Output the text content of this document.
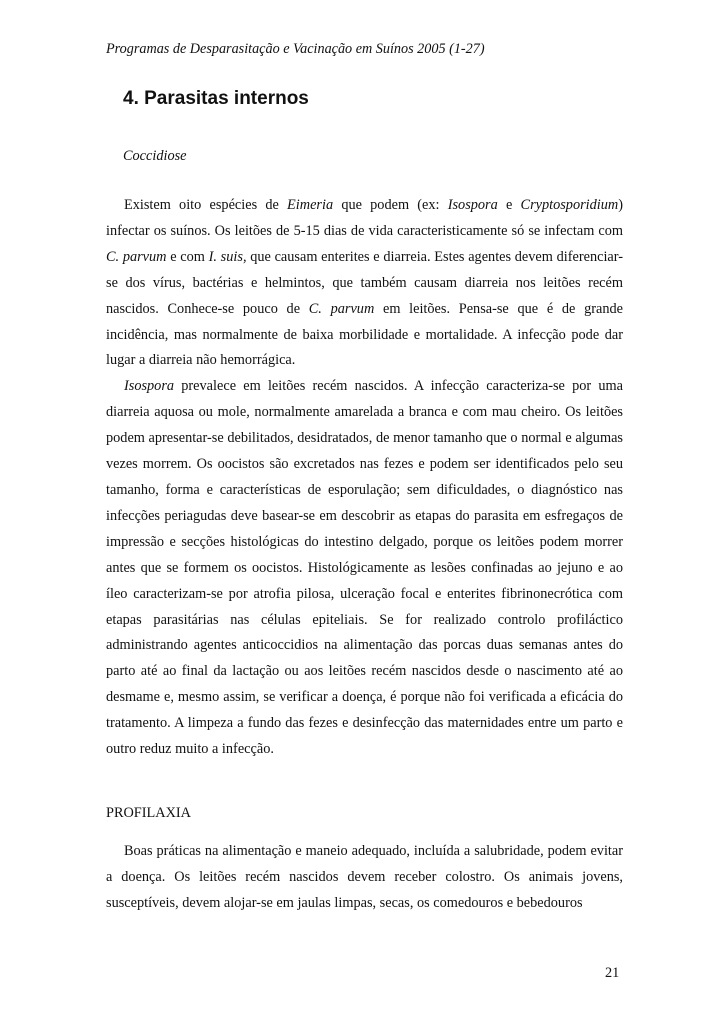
Programas de Desparasitação e Vacinação em Suínos 2005 (1-27)
4. Parasitas internos
Coccidiose

Existem oito espécies de Eimeria que podem (ex: Isospora e Cryptosporidium) infectar os suínos. Os leitões de 5-15 dias de vida caracteristicamente só se infectam com C. parvum e com I. suis, que causam enterites e diarreia. Estes agentes devem diferenciar-se dos vírus, bactérias e helmintos, que também causam diarreia nos leitões recém nascidos. Conhece-se pouco de C. parvum em leitões. Pensa-se que é de grande incidência, mas normalmente de baixa morbilidade e mortalidade. A infecção pode dar lugar a diarreia não hemorrágica.

Isospora prevalece em leitões recém nascidos. A infecção caracteriza-se por uma diarreia aquosa ou mole, normalmente amarelada a branca e com mau cheiro. Os leitões podem apresentar-se debilitados, desidratados, de menor tamanho que o normal e algumas vezes morrem. Os oocistos são excretados nas fezes e podem ser identificados pelo seu tamanho, forma e características de esporulação; sem dificuldades, o diagnóstico nas infecções periagudas deve basear-se em descobrir as etapas do parasita em esfregaços de impressão e secções histológicas do intestino delgado, porque os leitões podem morrer antes que se formem os oocistos. Histológicamente as lesões confinadas ao jejuno e ao íleo caracterizam-se por atrofia pilosa, ulceração focal e enterites fibrinonecrótica com etapas parasitárias nas células epiteliais. Se for realizado controlo profiláctico administrando agentes anticoccidios na alimentação das porcas duas semanas antes do parto até ao final da lactação ou aos leitões recém nascidos desde o nascimento até ao desmame e, mesmo assim, se verificar a doença, é porque não foi verificada a eficácia do tratamento. A limpeza a fundo das fezes e desinfecção das maternidades entre um parto e outro reduz muito a infecção.

PROFILAXIA

Boas práticas na alimentação e maneio adequado, incluída a salubridade, podem evitar a doença. Os leitões recém nascidos devem receber colostro. Os animais jovens, susceptíveis, devem alojar-se em jaulas limpas, secas, os comedouros e bebedouros

21
